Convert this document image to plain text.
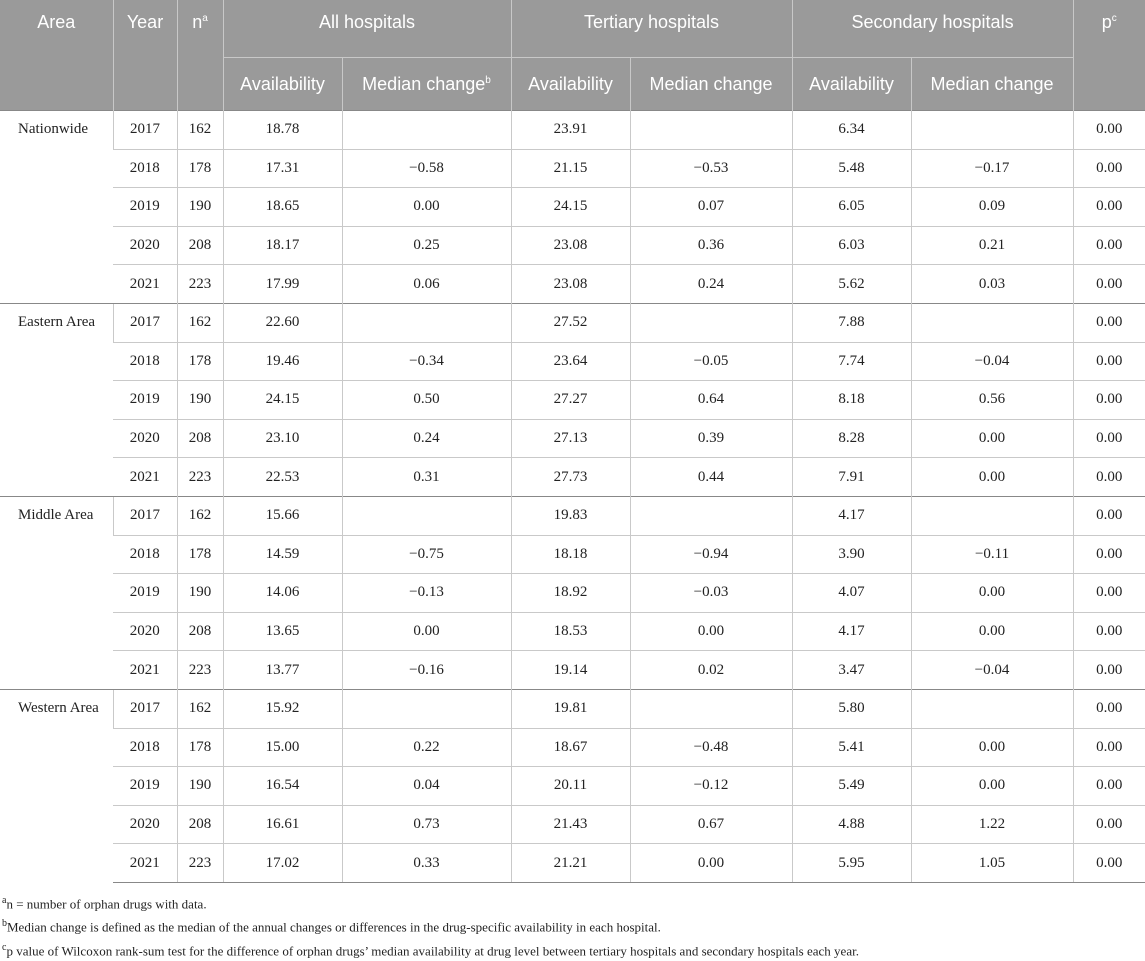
Area	Year	$n^a$	All hospitals		Tertiary hospitals		Secondary hospitals		$p^c$
			Availability	Median change$^b$	Availability	Median change	Availability	Median change	
Nationwide	2017	162	18.78		23.91		6.34		0.00
	2018	178	17.31	−0.58	21.15	−0.53	5.48	−0.17	0.00
	2019	190	18.65	0.00	24.15	0.07	6.05	0.09	0.00
	2020	208	18.17	0.25	23.08	0.36	6.03	0.21	0.00
	2021	223	17.99	0.06	23.08	0.24	5.62	0.03	0.00
Eastern Area	2017	162	22.60		27.52		7.88		0.00
	2018	178	19.46	−0.34	23.64	−0.05	7.74	−0.04	0.00
	2019	190	24.15	0.50	27.27	0.64	8.18	0.56	0.00
	2020	208	23.10	0.24	27.13	0.39	8.28	0.00	0.00
	2021	223	22.53	0.31	27.73	0.44	7.91	0.00	0.00
Middle Area	2017	162	15.66		19.83		4.17		0.00
	2018	178	14.59	−0.75	18.18	−0.94	3.90	−0.11	0.00
	2019	190	14.06	−0.13	18.92	−0.03	4.07	0.00	0.00
	2020	208	13.65	0.00	18.53	0.00	4.17	0.00	0.00
	2021	223	13.77	−0.16	19.14	0.02	3.47	−0.04	0.00
Western Area	2017	162	15.92		19.81		5.80		0.00
	2018	178	15.00	0.22	18.67	−0.48	5.41	0.00	0.00
	2019	190	16.54	0.04	20.11	−0.12	5.49	0.00	0.00
	2020	208	16.61	0.73	21.43	0.67	4.88	1.22	0.00
	2021	223	17.02	0.33	21.21	0.00	5.95	1.05	0.00
$^a$n = number of orphan drugs with data.
$^b$Median change is defined as the median of the annual changes or differences in the drug-specific availability in each hospital.
$^c$p value of Wilcoxon rank-sum test for the difference of orphan drugs’ median availability at drug level between tertiary hospitals and secondary hospitals each year.
